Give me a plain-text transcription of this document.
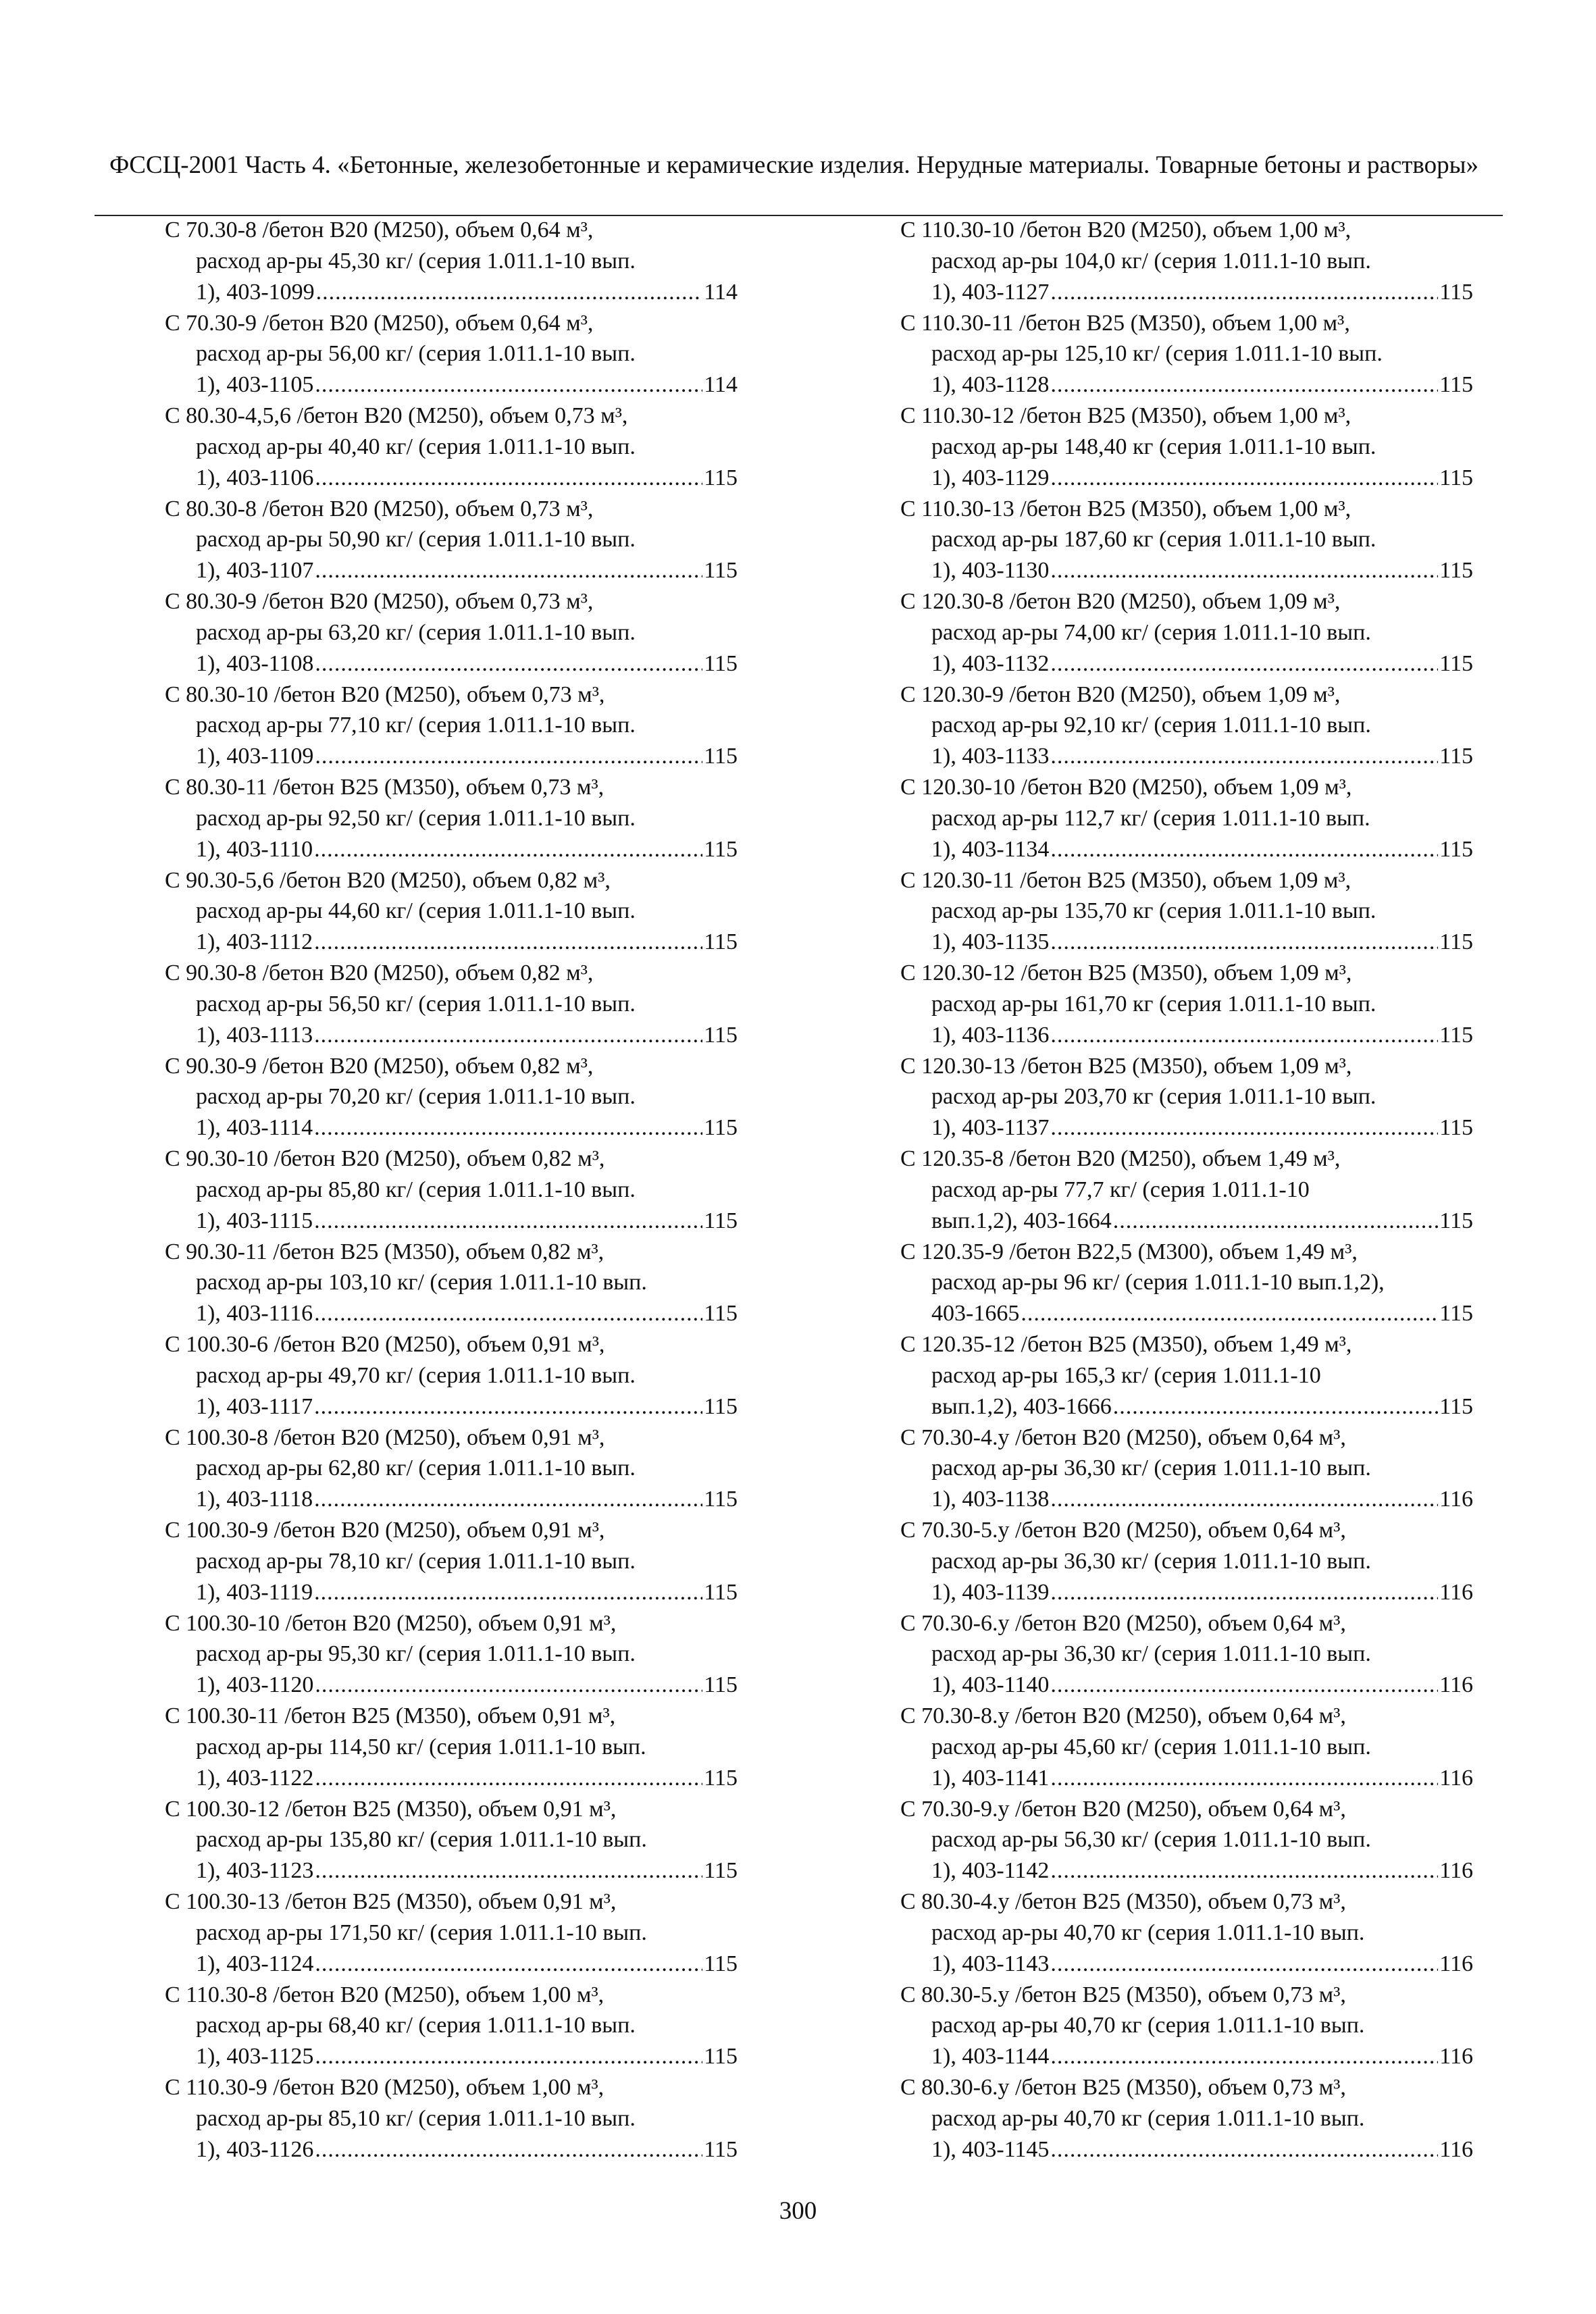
ФССЦ-2001 Часть 4. «Бетонные, железобетонные и керамические изделия. Нерудные материалы. Товарные бетоны и растворы»
С 70.30-8 /бетон В20 (М250), объем 0,64 м³,
расход ар-ры 45,30 кг/ (серия 1.011.1-10 вып.
1), 403-1099 .....	114
С 70.30-9 /бетон В20 (М250), объем 0,64 м³,
расход ар-ры 56,00 кг/ (серия 1.011.1-10 вып.
1), 403-1105 .....	114
С 80.30-4,5,6 /бетон В20 (М250), объем 0,73 м³,
расход ар-ры 40,40 кг/ (серия 1.011.1-10 вып.
1), 403-1106 .....	115
С 80.30-8 /бетон В20 (М250), объем 0,73 м³,
расход ар-ры 50,90 кг/ (серия 1.011.1-10 вып.
1), 403-1107 .....	115
С 80.30-9 /бетон В20 (М250), объем 0,73 м³,
расход ар-ры 63,20 кг/ (серия 1.011.1-10 вып.
1), 403-1108 .....	115
С 80.30-10 /бетон В20 (М250), объем 0,73 м³,
расход ар-ры 77,10 кг/ (серия 1.011.1-10 вып.
1), 403-1109 .....	115
С 80.30-11 /бетон В25 (М350), объем 0,73 м³,
расход ар-ры 92,50 кг/ (серия 1.011.1-10 вып.
1), 403-1110 .....	115
С 90.30-5,6 /бетон В20 (М250), объем 0,82 м³,
расход ар-ры 44,60 кг/ (серия 1.011.1-10 вып.
1), 403-1112 .....	115
С 90.30-8 /бетон В20 (М250), объем 0,82 м³,
расход ар-ры 56,50 кг/ (серия 1.011.1-10 вып.
1), 403-1113 .....	115
С 90.30-9 /бетон В20 (М250), объем 0,82 м³,
расход ар-ры 70,20 кг/ (серия 1.011.1-10 вып.
1), 403-1114 .....	115
С 90.30-10 /бетон В20 (М250), объем 0,82 м³,
расход ар-ры 85,80 кг/ (серия 1.011.1-10 вып.
1), 403-1115 .....	115
С 90.30-11 /бетон В25 (М350), объем 0,82 м³,
расход ар-ры 103,10 кг/ (серия 1.011.1-10 вып.
1), 403-1116 .....	115
С 100.30-6 /бетон В20 (М250), объем 0,91 м³,
расход ар-ры 49,70 кг/ (серия 1.011.1-10 вып.
1), 403-1117 .....	115
С 100.30-8 /бетон В20 (М250), объем 0,91 м³,
расход ар-ры 62,80 кг/ (серия 1.011.1-10 вып.
1), 403-1118 .....	115
С 100.30-9 /бетон В20 (М250), объем 0,91 м³,
расход ар-ры 78,10 кг/ (серия 1.011.1-10 вып.
1), 403-1119 .....	115
С 100.30-10 /бетон В20 (М250), объем 0,91 м³,
расход ар-ры 95,30 кг/ (серия 1.011.1-10 вып.
1), 403-1120 .....	115
С 100.30-11 /бетон В25 (М350), объем 0,91 м³,
расход ар-ры 114,50 кг/ (серия 1.011.1-10 вып.
1), 403-1122 .....	115
С 100.30-12 /бетон В25 (М350), объем 0,91 м³,
расход ар-ры 135,80 кг/ (серия 1.011.1-10 вып.
1), 403-1123 .....	115
С 100.30-13 /бетон В25 (М350), объем 0,91 м³,
расход ар-ры 171,50 кг/ (серия 1.011.1-10 вып.
1), 403-1124 .....	115
С 110.30-8 /бетон В20 (М250), объем 1,00 м³,
расход ар-ры 68,40 кг/ (серия 1.011.1-10 вып.
1), 403-1125 .....	115
С 110.30-9 /бетон В20 (М250), объем 1,00 м³,
расход ар-ры 85,10 кг/ (серия 1.011.1-10 вып.
1), 403-1126 .....	115
С 110.30-10 /бетон В20 (М250), объем 1,00 м³,
расход ар-ры 104,0 кг/ (серия 1.011.1-10 вып.
1), 403-1127 .....	115
С 110.30-11 /бетон В25 (М350), объем 1,00 м³,
расход ар-ры 125,10 кг/ (серия 1.011.1-10 вып.
1), 403-1128 .....	115
С 110.30-12 /бетон В25 (М350), объем 1,00 м³,
расход ар-ры 148,40 кг (серия 1.011.1-10 вып.
1), 403-1129 .....	115
С 110.30-13 /бетон В25 (М350), объем 1,00 м³,
расход ар-ры 187,60 кг (серия 1.011.1-10 вып.
1), 403-1130 .....	115
С 120.30-8 /бетон В20 (М250), объем 1,09 м³,
расход ар-ры 74,00 кг/ (серия 1.011.1-10 вып.
1), 403-1132 .....	115
С 120.30-9 /бетон В20 (М250), объем 1,09 м³,
расход ар-ры 92,10 кг/ (серия 1.011.1-10 вып.
1), 403-1133 .....	115
С 120.30-10 /бетон В20 (М250), объем 1,09 м³,
расход ар-ры 112,7 кг/ (серия 1.011.1-10 вып.
1), 403-1134 .....	115
С 120.30-11 /бетон В25 (М350), объем 1,09 м³,
расход ар-ры 135,70 кг (серия 1.011.1-10 вып.
1), 403-1135 .....	115
С 120.30-12 /бетон В25 (М350), объем 1,09 м³,
расход ар-ры 161,70 кг (серия 1.011.1-10 вып.
1), 403-1136 .....	115
С 120.30-13 /бетон В25 (М350), объем 1,09 м³,
расход ар-ры 203,70 кг (серия 1.011.1-10 вып.
1), 403-1137 .....	115
С 120.35-8 /бетон В20 (М250), объем 1,49 м³,
расход ар-ры 77,7 кг/ (серия 1.011.1-10
вып.1,2), 403-1664 .....	115
С 120.35-9 /бетон В22,5 (М300), объем 1,49 м³,
расход ар-ры 96 кг/ (серия 1.011.1-10 вып.1,2),
403-1665 .....	115
С 120.35-12 /бетон В25 (М350), объем 1,49 м³,
расход ар-ры 165,3 кг/ (серия 1.011.1-10
вып.1,2), 403-1666 .....	115
С 70.30-4.у /бетон В20 (М250), объем 0,64 м³,
расход ар-ры 36,30 кг/ (серия 1.011.1-10 вып.
1), 403-1138 .....	116
С 70.30-5.у /бетон В20 (М250), объем 0,64 м³,
расход ар-ры 36,30 кг/ (серия 1.011.1-10 вып.
1), 403-1139 .....	116
С 70.30-6.у /бетон В20 (М250), объем 0,64 м³,
расход ар-ры 36,30 кг/ (серия 1.011.1-10 вып.
1), 403-1140 .....	116
С 70.30-8.у /бетон В20 (М250), объем 0,64 м³,
расход ар-ры 45,60 кг/ (серия 1.011.1-10 вып.
1), 403-1141 .....	116
С 70.30-9.у /бетон В20 (М250), объем 0,64 м³,
расход ар-ры 56,30 кг/ (серия 1.011.1-10 вып.
1), 403-1142 .....	116
С 80.30-4.у /бетон В25 (М350), объем 0,73 м³,
расход ар-ры 40,70 кг (серия 1.011.1-10 вып.
1), 403-1143 .....	116
С 80.30-5.у /бетон В25 (М350), объем 0,73 м³,
расход ар-ры 40,70 кг (серия 1.011.1-10 вып.
1), 403-1144 .....	116
С 80.30-6.у /бетон В25 (М350), объем 0,73 м³,
расход ар-ры 40,70 кг (серия 1.011.1-10 вып.
1), 403-1145 .....	116
300
